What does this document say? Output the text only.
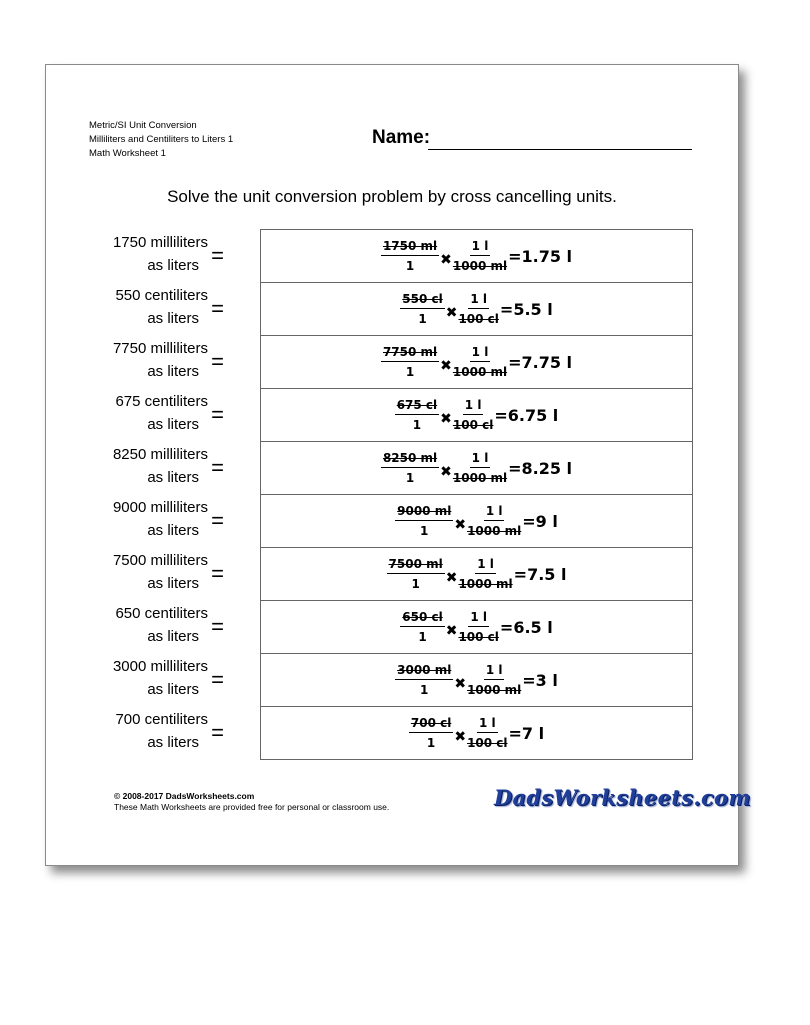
Metric/SI Unit Conversion
Milliliters and Centiliters to Liters 1
Math Worksheet 1
Name:
Solve the unit conversion problem by cross cancelling units.
1750 milliliters
as liters =
550 centiliters
as liters =
7750 milliliters
as liters =
675 centiliters
as liters =
8250 milliliters
as liters =
9000 milliliters
as liters =
7500 milliliters
as liters =
650 centiliters
as liters =
3000 milliliters
as liters =
700 centiliters
as liters =
$\frac{1750 ml}{1}$ ✖ $\frac{1 l}{1000 ml} =1.75$ l
$\frac{550 cl}{1}$ ✖ $\frac{1 l}{100 cl} =5.5$ l
$\frac{7750 ml}{1}$ ✖ $\frac{1 l}{1000 ml} =7.75$ l
$\frac{675 cl}{1}$ ✖ $\frac{1 l}{100 cl} =6.75$ l
$\frac{8250 ml}{1}$ ✖ $\frac{1 l}{1000 ml} =8.25$ l
$\frac{9000 ml}{1}$ ✖ $\frac{1 l}{1000 ml} =9$ l
$\frac{7500 ml}{1}$ ✖ $\frac{1 l}{1000 ml} =7.5$ l
$\frac{650 cl}{1}$ ✖ $\frac{1 l}{100 cl} =6.5$ l
$\frac{3000 ml}{1}$ ✖ $\frac{1 l}{1000 ml} =3$ l
$\frac{700 cl}{1}$ ✖ $\frac{1 l}{100 cl} =7$ l
© 2008-2017 DadsWorksheets.com
These Math Worksheets are provided free for personal or classroom use.	DadsWorksheets.com
